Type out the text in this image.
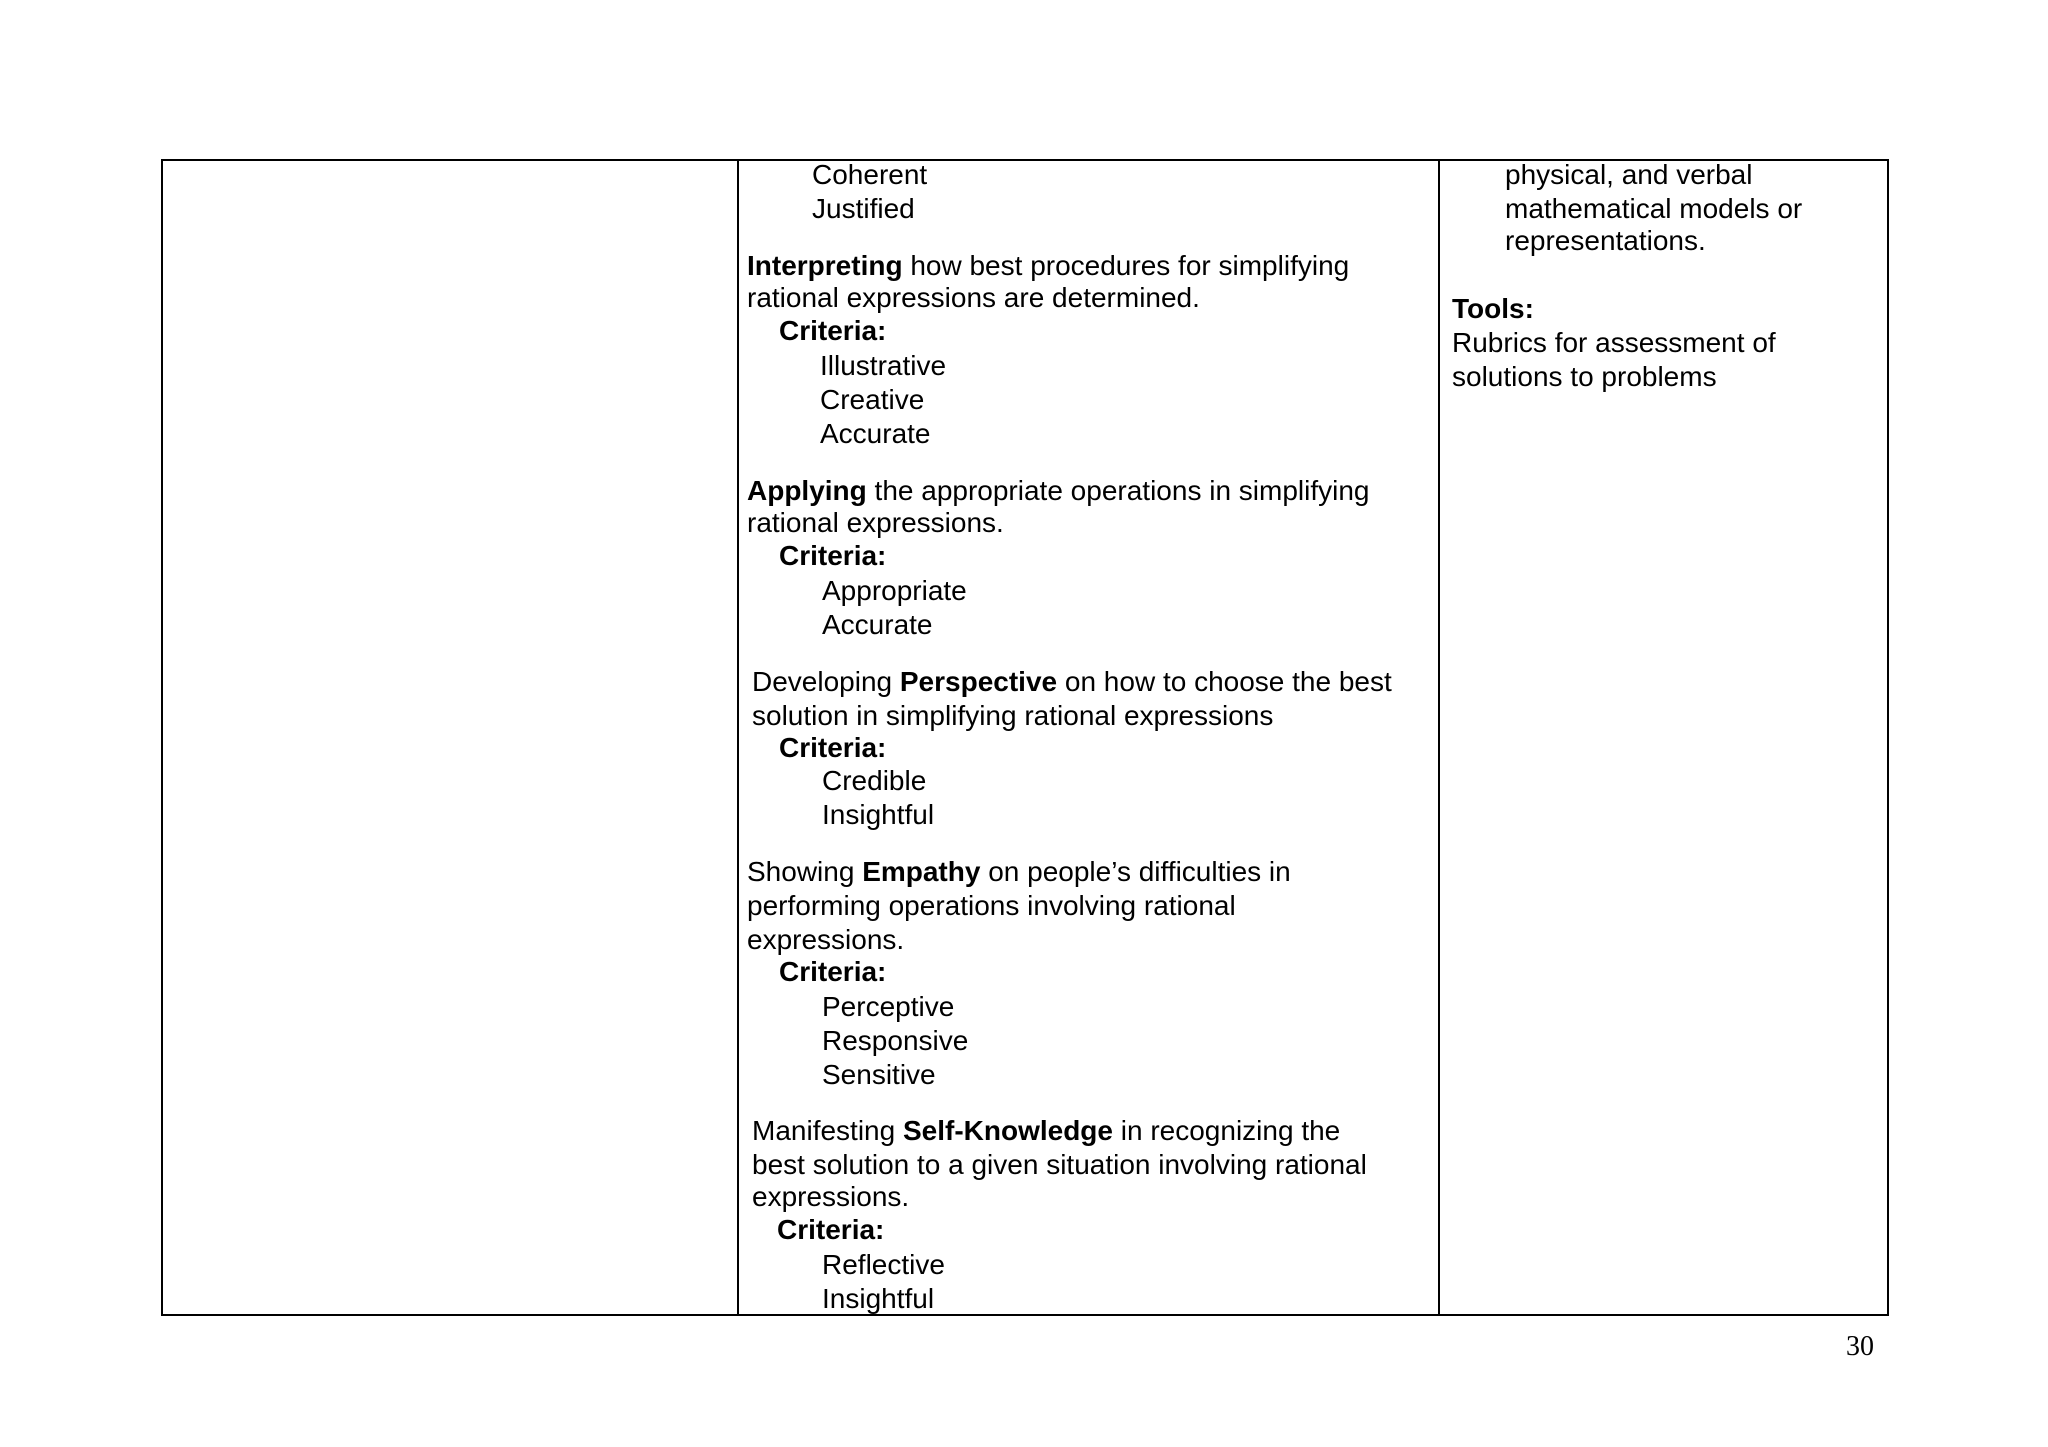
Coherent
Justified
Interpreting how best procedures for simplifying
rational expressions are determined.
Criteria:
Illustrative
Creative
Accurate
Applying the appropriate operations in simplifying
rational expressions.
Criteria:
Appropriate
Accurate
Developing Perspective on how to choose the best
solution in simplifying rational expressions
Criteria:
Credible
Insightful
Showing Empathy on people’s difficulties in
performing operations involving rational
expressions.
Criteria:
Perceptive
Responsive
Sensitive
Manifesting Self-Knowledge in recognizing the
best solution to a given situation involving rational
expressions.
Criteria:
Reflective
Insightful
physical, and verbal
mathematical models or
representations.
Tools:
Rubrics for assessment of
solutions to problems
30
